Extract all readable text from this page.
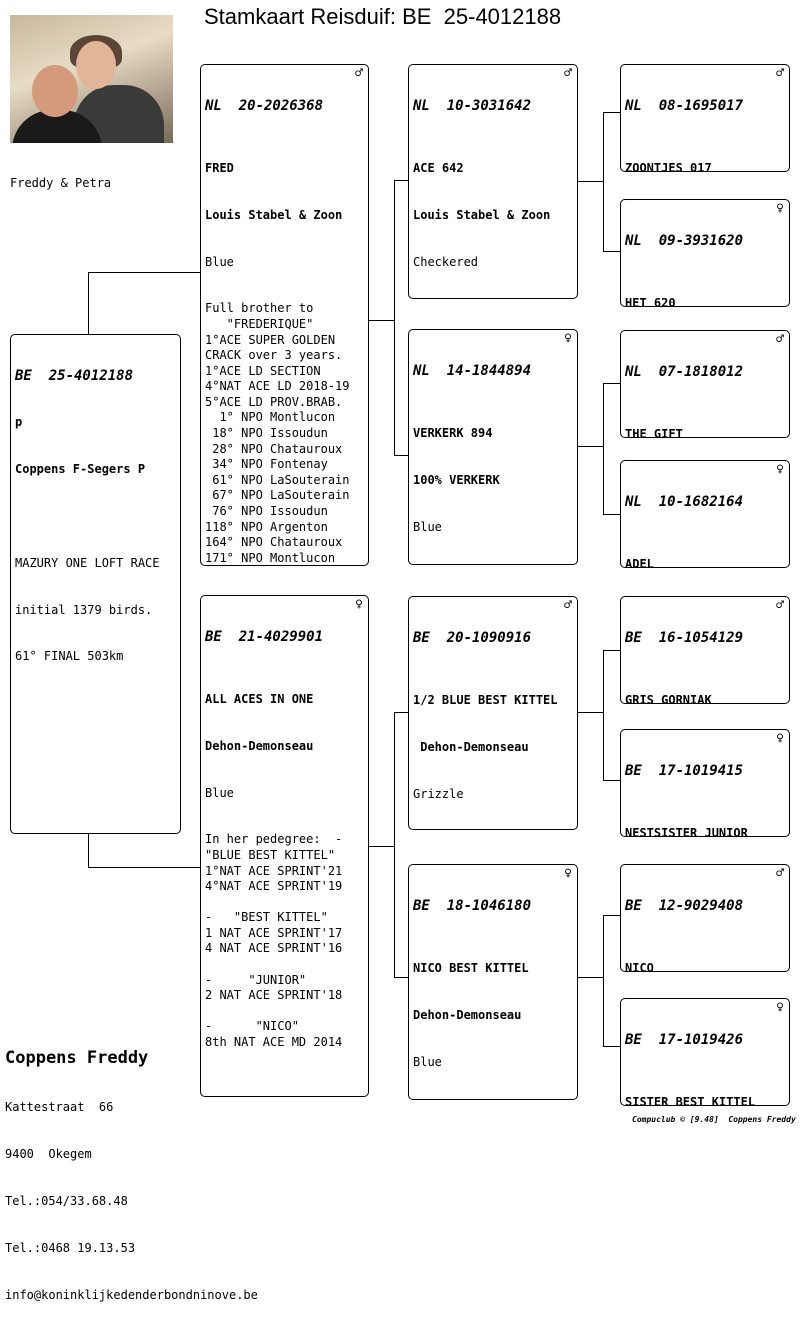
Stamkaart Reisduif: BE  25-4012188
Freddy & Petra

BE  25-4012188

p

Coppens F-Segers P

MAZURY ONE LOFT RACE

initial 1379 birds.

61° FINAL 503km

NL  20-2026368

♂

FRED

Louis Stabel & Zoon

Blue

Full brother to
"FREDERIQUE"
1°ACE SUPER GOLDEN
CRACK over 3 years.
1°ACE LD SECTION
4°NAT ACE LD 2018-19
5°ACE LD PROV.BRAB.
1° NPO Montlucon
18° NPO Issoudun
28° NPO Chatauroux
34° NPO Fontenay
61° NPO LaSouterain
67° NPO LaSouterain
76° NPO Issoudun
118° NPO Argenton
164° NPO Chatauroux
171° NPO Montlucon

BE  21-4029901

♀

ALL ACES IN ONE

Dehon-Demonseau

Blue

In her pedegree:  -
"BLUE BEST KITTEL"
1°NAT ACE SPRINT'21
4°NAT ACE SPRINT'19

-   "BEST KITTEL"
1 NAT ACE SPRINT'17
4 NAT ACE SPRINT'16

-     "JUNIOR"
2 NAT ACE SPRINT'18

-      "NICO"
8th NAT ACE MD 2014

NL  10-3031642

♂

ACE 642

Louis Stabel & Zoon

Checkered

NL  14-1844894

♀

VERKERK 894

100% VERKERK

Blue

BE  20-1090916

♂

1/2 BLUE BEST KITTEL

Dehon-Demonseau

Grizzle

BE  18-1046180

♀

NICO BEST KITTEL

Dehon-Demonseau

Blue

NL  08-1695017

♂

ZOONTJES 017

NL  09-3931620

♀

HET 620

NL  07-1818012

♂

THE GIFT

NL  10-1682164

♀

ADEL

BE  16-1054129

♂

GRIS GORNIAK

BE  17-1019415

♀

NESTSISTER JUNIOR

BE  12-9029408

♂

NICO

BE  17-1019426

♀

SISTER BEST KITTEL

Coppens Freddy

Kattestraat  66

9400  Okegem

Tel.:054/33.68.48

Tel.:0468 19.13.53

info@koninklijkedenderbondninove.be

Compuclub © [9.48]  Coppens Freddy
